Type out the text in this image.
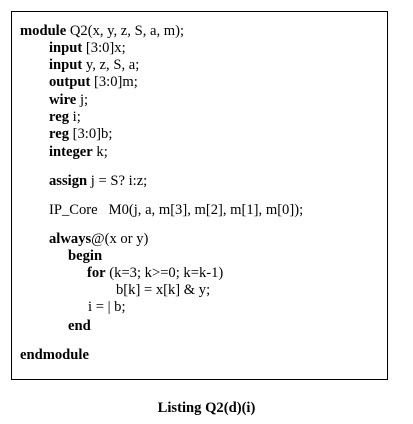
module Q2(x, y, z, S, a, m);
input [3:0]x;
input y, z, S, a;
output [3:0]m;
wire j;
reg i;
reg [3:0]b;
integer k;
assign j = S? i:z;
IP_Core   M0(j, a, m[3], m[2], m[1], m[0]);
always@(x or y)
begin
for (k=3; k>=0; k=k-1)
b[k] = x[k] & y;
i = | b;
end
endmodule
Listing Q2(d)(i)
